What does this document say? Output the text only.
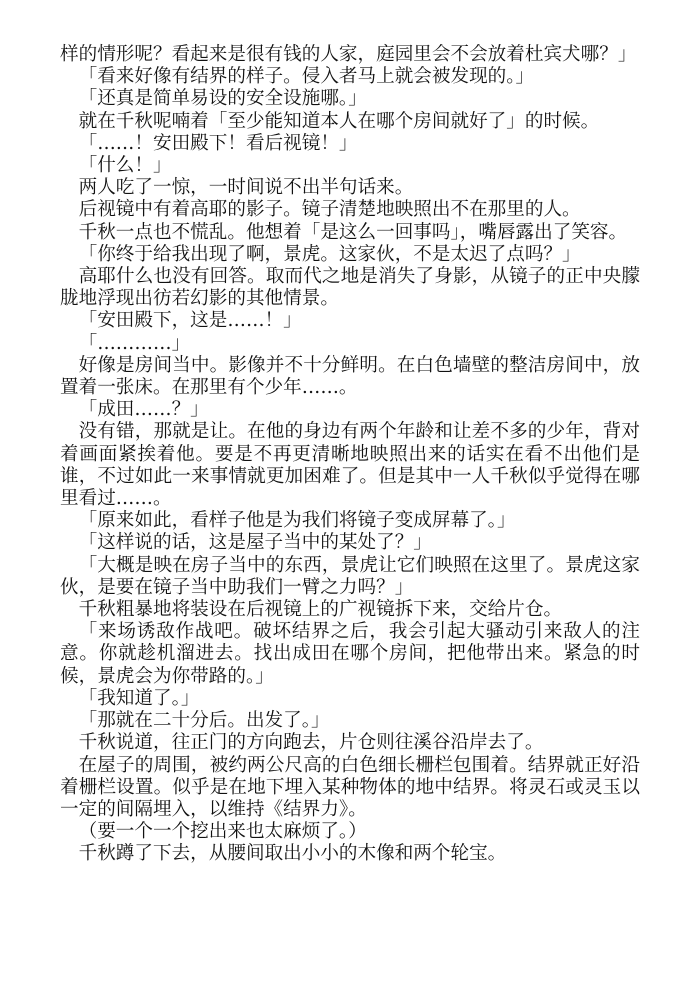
样的情形呢？看起来是很有钱的人家，庭园里会不会放着杜宾犬哪？」

「看来好像有结界的样子。侵入者马上就会被发现的。」

「还真是简单易设的安全设施哪。」

就在千秋呢喃着「至少能知道本人在哪个房间就好了」的时候。

「……！安田殿下！看后视镜！」

「什么！」

两人吃了一惊，一时间说不出半句话来。

后视镜中有着高耶的影子。镜子清楚地映照出不在那里的人。

千秋一点也不慌乱。他想着「是这么一回事吗」，嘴唇露出了笑容。

「你终于给我出现了啊，景虎。这家伙，不是太迟了点吗？」

高耶什么也没有回答。取而代之地是消失了身影，从镜子的正中央朦胧地浮现出彷若幻影的其他情景。

「安田殿下，这是……！」

「…………」

好像是房间当中。影像并不十分鲜明。在白色墙壁的整洁房间中，放置着一张床。在那里有个少年……。

「成田……？」

没有错，那就是让。在他的身边有两个年龄和让差不多的少年，背对着画面紧挨着他。要是不再更清晰地映照出来的话实在看不出他们是谁，不过如此一来事情就更加困难了。但是其中一人千秋似乎觉得在哪里看过……。

「原来如此，看样子他是为我们将镜子变成屏幕了。」

「这样说的话，这是屋子当中的某处了？」

「大概是映在房子当中的东西，景虎让它们映照在这里了。景虎这家伙，是要在镜子当中助我们一臂之力吗？」

千秋粗暴地将装设在后视镜上的广视镜拆下来，交给片仓。

「来场诱敌作战吧。破坏结界之后，我会引起大骚动引来敌人的注意。你就趁机溜进去。找出成田在哪个房间，把他带出来。紧急的时候，景虎会为你带路的。」

「我知道了。」

「那就在二十分后。出发了。」

千秋说道，往正门的方向跑去，片仓则往溪谷沿岸去了。

在屋子的周围，被约两公尺高的白色细长栅栏包围着。结界就正好沿着栅栏设置。似乎是在地下埋入某种物体的地中结界。将灵石或灵玉以一定的间隔埋入，以维持《结界力》。

（要一个一个挖出来也太麻烦了。）

千秋蹲了下去，从腰间取出小小的木像和两个轮宝。
